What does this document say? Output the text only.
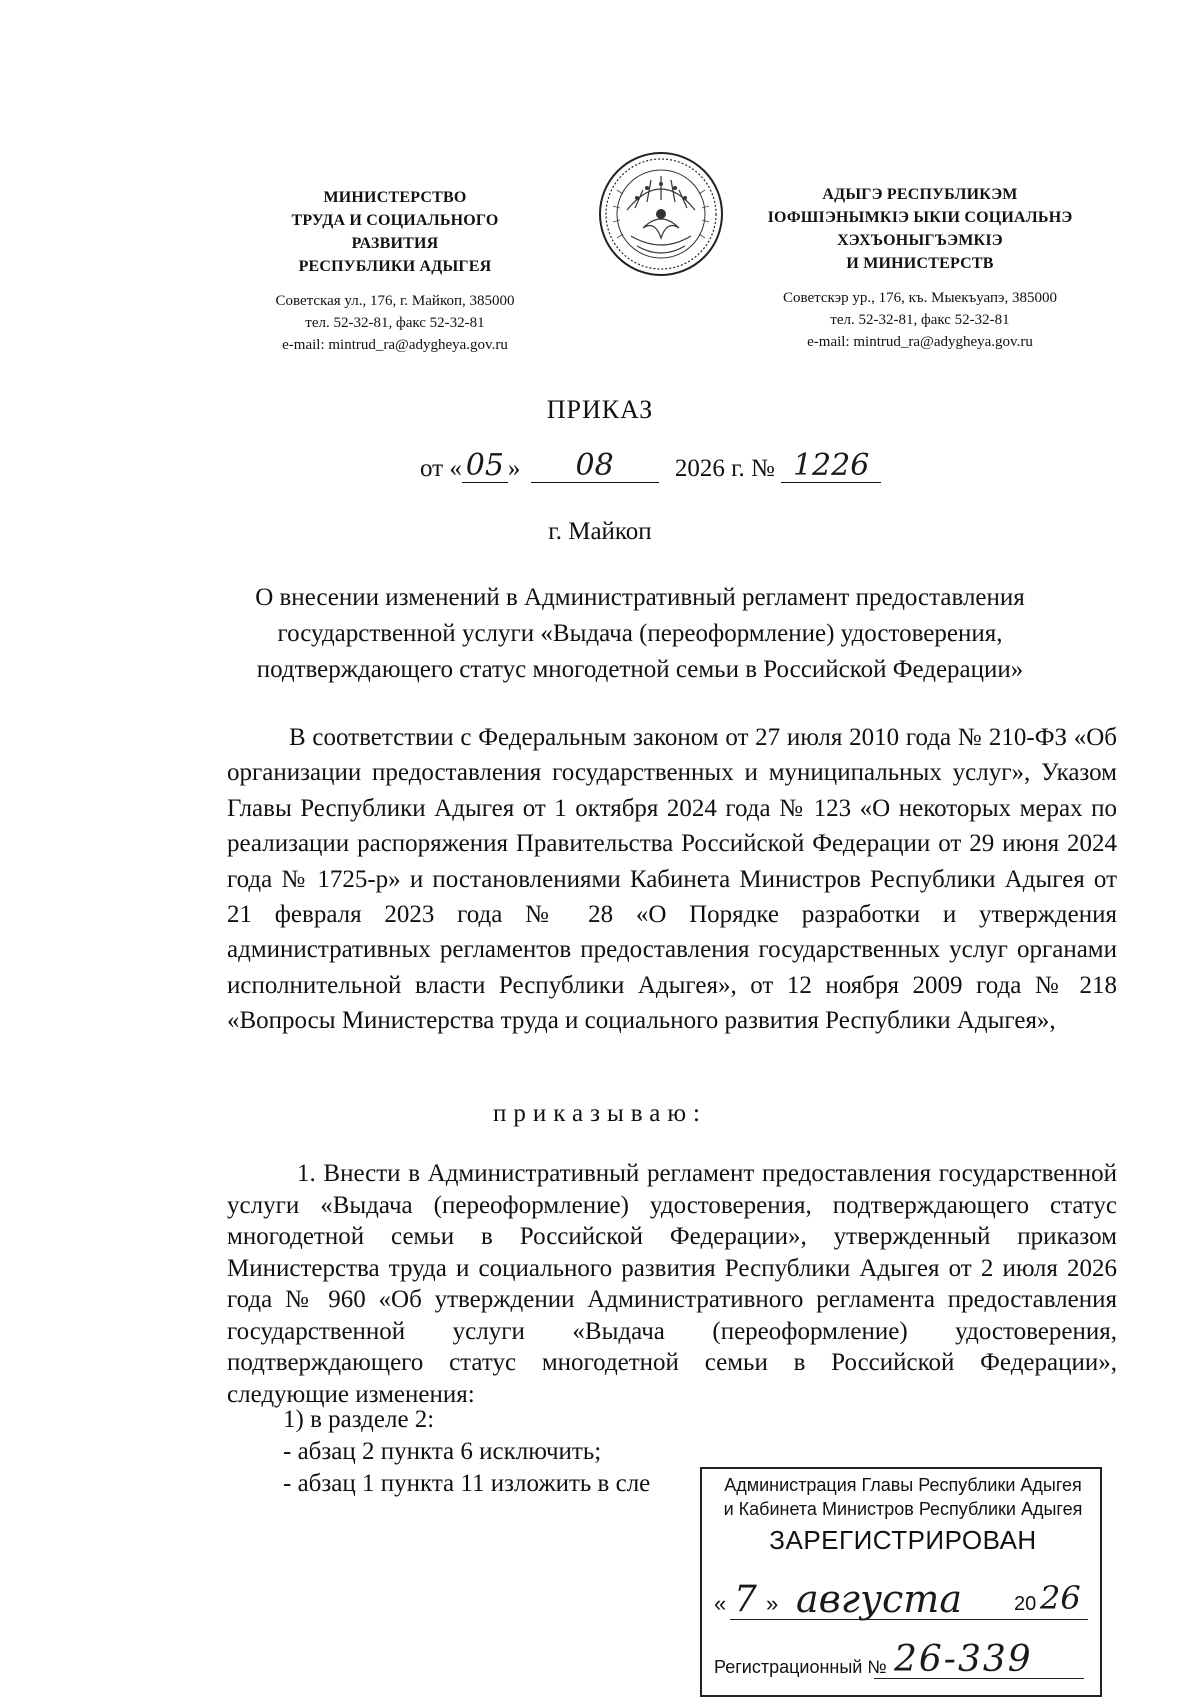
МИНИСТЕРСТВО
ТРУДА И СОЦИАЛЬНОГО
РАЗВИТИЯ
РЕСПУБЛИКИ АДЫГЕЯ
Советская ул., 176, г. Майкоп, 385000
тел. 52-32-81, факс 52-32-81
e-mail: mintrud_ra@adygheya.gov.ru
АДЫГЭ РЕСПУБЛИКЭМ
IОФШIЭНЫМКIЭ ЫКIИ СОЦИАЛЬНЭ
ХЭХЪОНЫГЪЭМКIЭ
И МИНИСТЕРСТВ
Советскэр ур., 176, къ. Мыекъуапэ, 385000
тел. 52-32-81, факс 52-32-81
e-mail: mintrud_ra@adygheya.gov.ru
ПРИКАЗ
от « 05 » 08 2026 г. № 1226
г. Майкоп
О внесении изменений в Административный регламент предоставления
государственной услуги «Выдача (переоформление) удостоверения,
подтверждающего статус многодетной семьи в Российской Федерации»
В соответствии с Федеральным законом от 27 июля 2010 года № 210-ФЗ «Об организации предоставления государственных и муниципальных услуг», Указом Главы Республики Адыгея от 1 октября 2024 года № 123 «О некоторых мерах по реализации распоряжения Правительства Российской Федерации от 29 июня 2024 года № 1725-р» и постановлениями Кабинета Министров Республики Адыгея от 21 февраля 2023 года № 28 «О Порядке разработки и утверждения административных регламентов предоставления государственных услуг органами исполнительной власти Республики Адыгея», от 12 ноября 2009 года № 218 «Вопросы Министерства труда и социального развития Республики Адыгея»,
приказываю:
1. Внести в Административный регламент предоставления государственной услуги «Выдача (переоформление) удостоверения, подтверждающего статус многодетной семьи в Российской Федерации», утвержденный приказом Министерства труда и социального развития Республики Адыгея от 2 июля 2026 года № 960 «Об утверждении Административного регламента предоставления государственной услуги «Выдача (переоформление) удостоверения, подтверждающего статус многодетной семьи в Российской Федерации», следующие изменения:
1) в разделе 2:
- абзац 2 пункта 6 исключить;
- абзац 1 пункта 11 изложить в сле	Администрация Главы Республики Адыгея
и Кабинета Министров Республики Адыгея
ЗАРЕГИСТРИРОВАН
« 7 » августа	20 26
Регистрационный № 26-339
